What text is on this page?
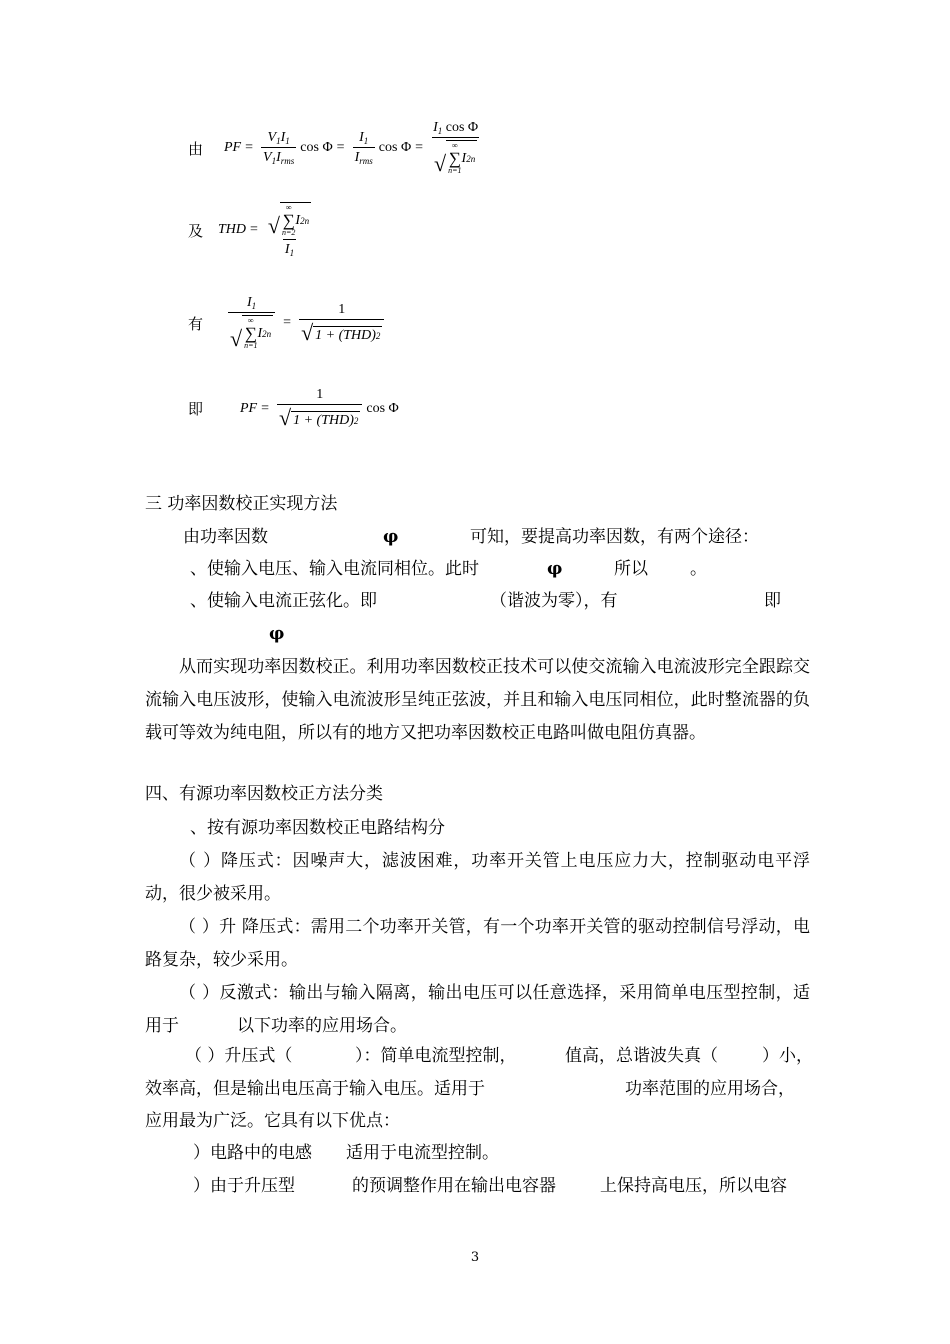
由	PF = $\frac{V_1I_1}{V_1I_{rms}}$ cos
$\Phi = \frac{I_1}{I_{rms}}$ cos
$\Phi = I_1$ cos Φ
√
∞
∑
n=1
I 2 n
及	THD = √
∞
∑
n=2
I 2 n
$I_1$
有	$I_1$
√
∞
∑
n=1
I 2 $n = \frac{1}{\text{√ 1 + (THD) 2}}$
即	PF = $\frac{1}{\text{√ 1 + (THD) 2}}$ cos
Φ
三 功率因数校正实现方法
由功率因数	φ	可知，要提高功率因数，有两个途径：
、使输入电压、输入电流同相位。此时	φ	所以 。
、使输入电流正弦化。即	（谐波为零），有	即
φ
从而实现功率因数校正。利用功率因数校正技术可以使交流输入电流波形完全跟踪交流输入电压波形，使输入电流波形呈纯正弦波，并且和输入电压同相位，此时整流器的负载可等效为纯电阻，所以有的地方又把功率因数校正电路叫做电阻仿真器。
四、有源功率因数校正方法分类
、按有源功率因数校正电路结构分
（ ）降压式：因噪声大，滤波困难，功率开关管上电压应力大，控制驱动电平浮动，很少被采用。
（ ）升 降压式：需用二个功率开关管，有一个功率开关管的驱动控制信号浮动，电路复杂，较少采用。
（ ）反激式：输出与输入隔离，输出电压可以任意选择，采用简单电压型控制，适用于	以下功率的应用场合。
（ ）升压式（	）：简单电流型控制，	值高，总谐波失真（	）小，
效率高，但是输出电压高于输入电压。适用于	功率范围的应用场合，
应用最为广泛。它具有以下优点：
）电路中的电感 适用于电流型控制。
）由于升压型	的预调整作用在输出电容器	上保持高电压，所以电容
3
